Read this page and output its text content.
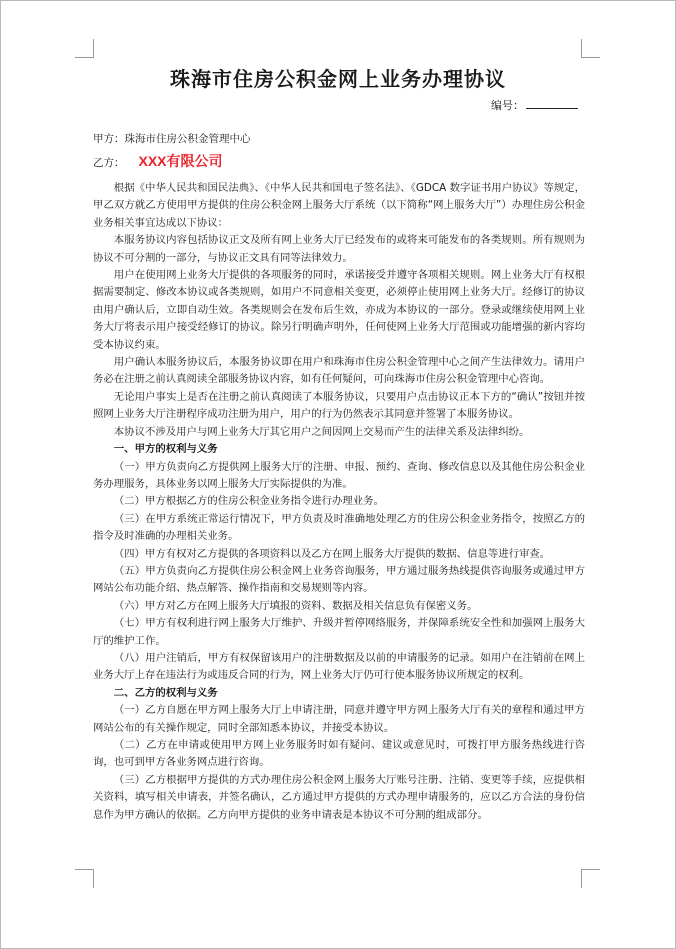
珠海市住房公积金网上业务办理协议
编号：
甲方：珠海市住房公积金管理中心
乙方： XXX有限公司

根据《中华人民共和国民法典》、《中华人民共和国电子签名法》、《GDCA 数字证书用户协议》等规定，甲乙双方就乙方使用甲方提供的住房公积金网上服务大厅系统（以下简称“网上服务大厅”）办理住房公积金业务相关事宜达成以下协议：

本服务协议内容包括协议正文及所有网上业务大厅已经发布的或将来可能发布的各类规则。所有规则为协议不可分割的一部分，与协议正文具有同等法律效力。

用户在使用网上业务大厅提供的各项服务的同时，承诺接受并遵守各项相关规则。网上业务大厅有权根据需要制定、修改本协议或各类规则，如用户不同意相关变更，必须停止使用网上业务大厅。经修订的协议由用户确认后，立即自动生效。各类规则会在发布后生效，亦成为本协议的一部分。登录或继续使用网上业务大厅将表示用户接受经修订的协议。除另行明确声明外，任何使网上业务大厅范围或功能增强的新内容均受本协议约束。

用户确认本服务协议后，本服务协议即在用户和珠海市住房公积金管理中心之间产生法律效力。请用户务必在注册之前认真阅读全部服务协议内容，如有任何疑问，可向珠海市住房公积金管理中心咨询。

无论用户事实上是否在注册之前认真阅读了本服务协议，只要用户点击协议正本下方的“确认”按钮并按照网上业务大厅注册程序成功注册为用户，用户的行为仍然表示其同意并签署了本服务协议。

本协议不涉及用户与网上业务大厅其它用户之间因网上交易而产生的法律关系及法律纠纷。

一、甲方的权利与义务

（一）甲方负责向乙方提供网上服务大厅的注册、申报、预约、查询、修改信息以及其他住房公积金业务办理服务，具体业务以网上服务大厅实际提供的为准。

（二）甲方根据乙方的住房公积金业务指令进行办理业务。

（三）在甲方系统正常运行情况下，甲方负责及时准确地处理乙方的住房公积金业务指令，按照乙方的指令及时准确的办理相关业务。

（四）甲方有权对乙方提供的各项资料以及乙方在网上服务大厅提供的数据、信息等进行审查。

（五）甲方负责向乙方提供住房公积金网上业务咨询服务，甲方通过服务热线提供咨询服务或通过甲方网站公布功能介绍、热点解答、操作指南和交易规则等内容。

（六）甲方对乙方在网上服务大厅填报的资料、数据及相关信息负有保密义务。

（七）甲方有权利进行网上服务大厅维护、升级并暂停网络服务，并保障系统安全性和加强网上服务大厅的维护工作。

（八）用户注销后，甲方有权保留该用户的注册数据及以前的申请服务的记录。如用户在注销前在网上业务大厅上存在违法行为或违反合同的行为，网上业务大厅仍可行使本服务协议所规定的权利。

二、乙方的权利与义务

（一）乙方自愿在甲方网上服务大厅上申请注册，同意并遵守甲方网上服务大厅有关的章程和通过甲方网站公布的有关操作规定，同时全部知悉本协议，并接受本协议。

（二）乙方在申请或使用甲方网上业务服务时如有疑问、建议或意见时，可拨打甲方服务热线进行咨询，也可到甲方各业务网点进行咨询。

（三）乙方根据甲方提供的方式办理住房公积金网上服务大厅账号注册、注销、变更等手续，应提供相关资料，填写相关申请表，并签名确认，乙方通过甲方提供的方式办理申请服务的，应以乙方合法的身份信息作为甲方确认的依据。乙方向甲方提供的业务申请表是本协议不可分割的组成部分。
